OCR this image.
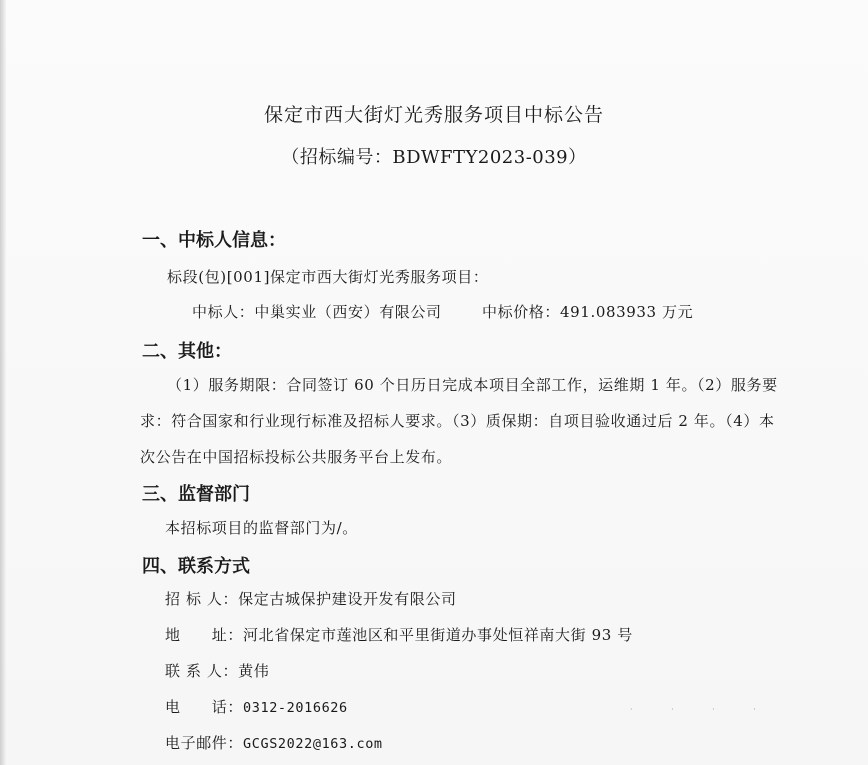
保定市西大街灯光秀服务项目中标公告
（招标编号：BDWFTY2023-039）
一、中标人信息：
标段(包)[001]保定市西大街灯光秀服务项目：
中标人：中巢实业（西安）有限公司	中标价格：491.083933 万元
二、其他：
（1）服务期限：合同签订 60 个日历日完成本项目全部工作，运维期 1 年。（2）服务要
求：符合国家和行业现行标准及招标人要求。（3）质保期：自项目验收通过后 2 年。（4）本
次公告在中国招标投标公共服务平台上发布。
三、监督部门
本招标项目的监督部门为/。
四、联系方式
招 标 人：保定古城保护建设开发有限公司
地　　址：河北省保定市莲池区和平里街道办事处恒祥南大街 93 号
联 系 人：黄伟
电　　话：0312-2016626
电子邮件：GCGS2022@163.com
· · · ·
